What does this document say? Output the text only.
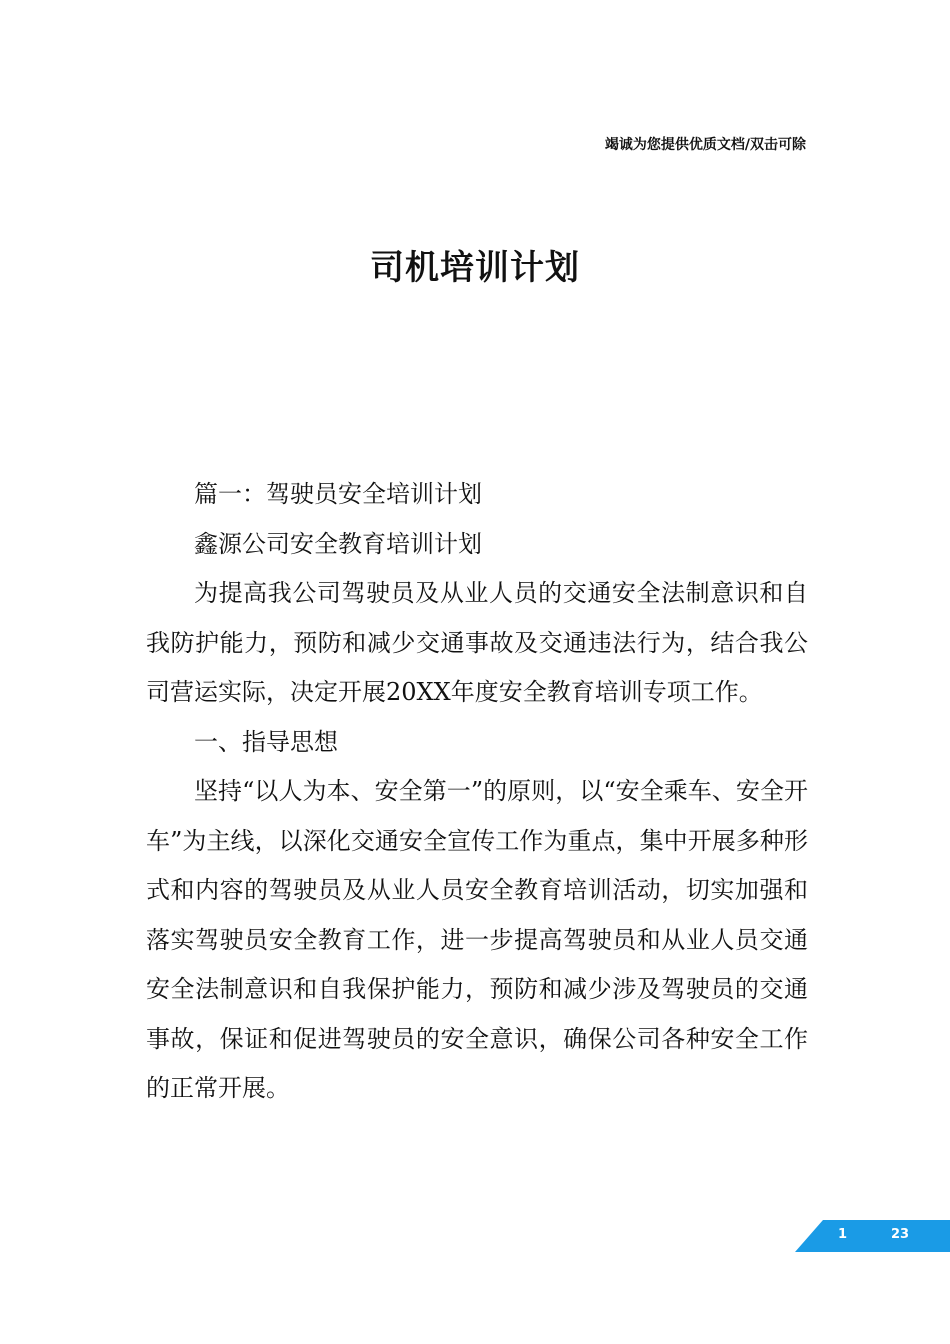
竭诚为您提供优质文档/双击可除
司机培训计划

篇一：驾驶员安全培训计划

鑫源公司安全教育培训计划

为提高我公司驾驶员及从业人员的交通安全法制意识和自我防护能力，预防和减少交通事故及交通违法行为，结合我公司营运实际，决定开展20XX年度安全教育培训专项工作。

一、指导思想

坚持“以人为本、安全第一”的原则，以“安全乘车、安全开车”为主线，以深化交通安全宣传工作为重点，集中开展多种形式和内容的驾驶员及从业人员安全教育培训活动，切实加强和落实驾驶员安全教育工作，进一步提高驾驶员和从业人员交通安全法制意识和自我保护能力，预防和减少涉及驾驶员的交通事故，保证和促进驾驶员的安全意识，确保公司各种安全工作的正常开展。

1	23
